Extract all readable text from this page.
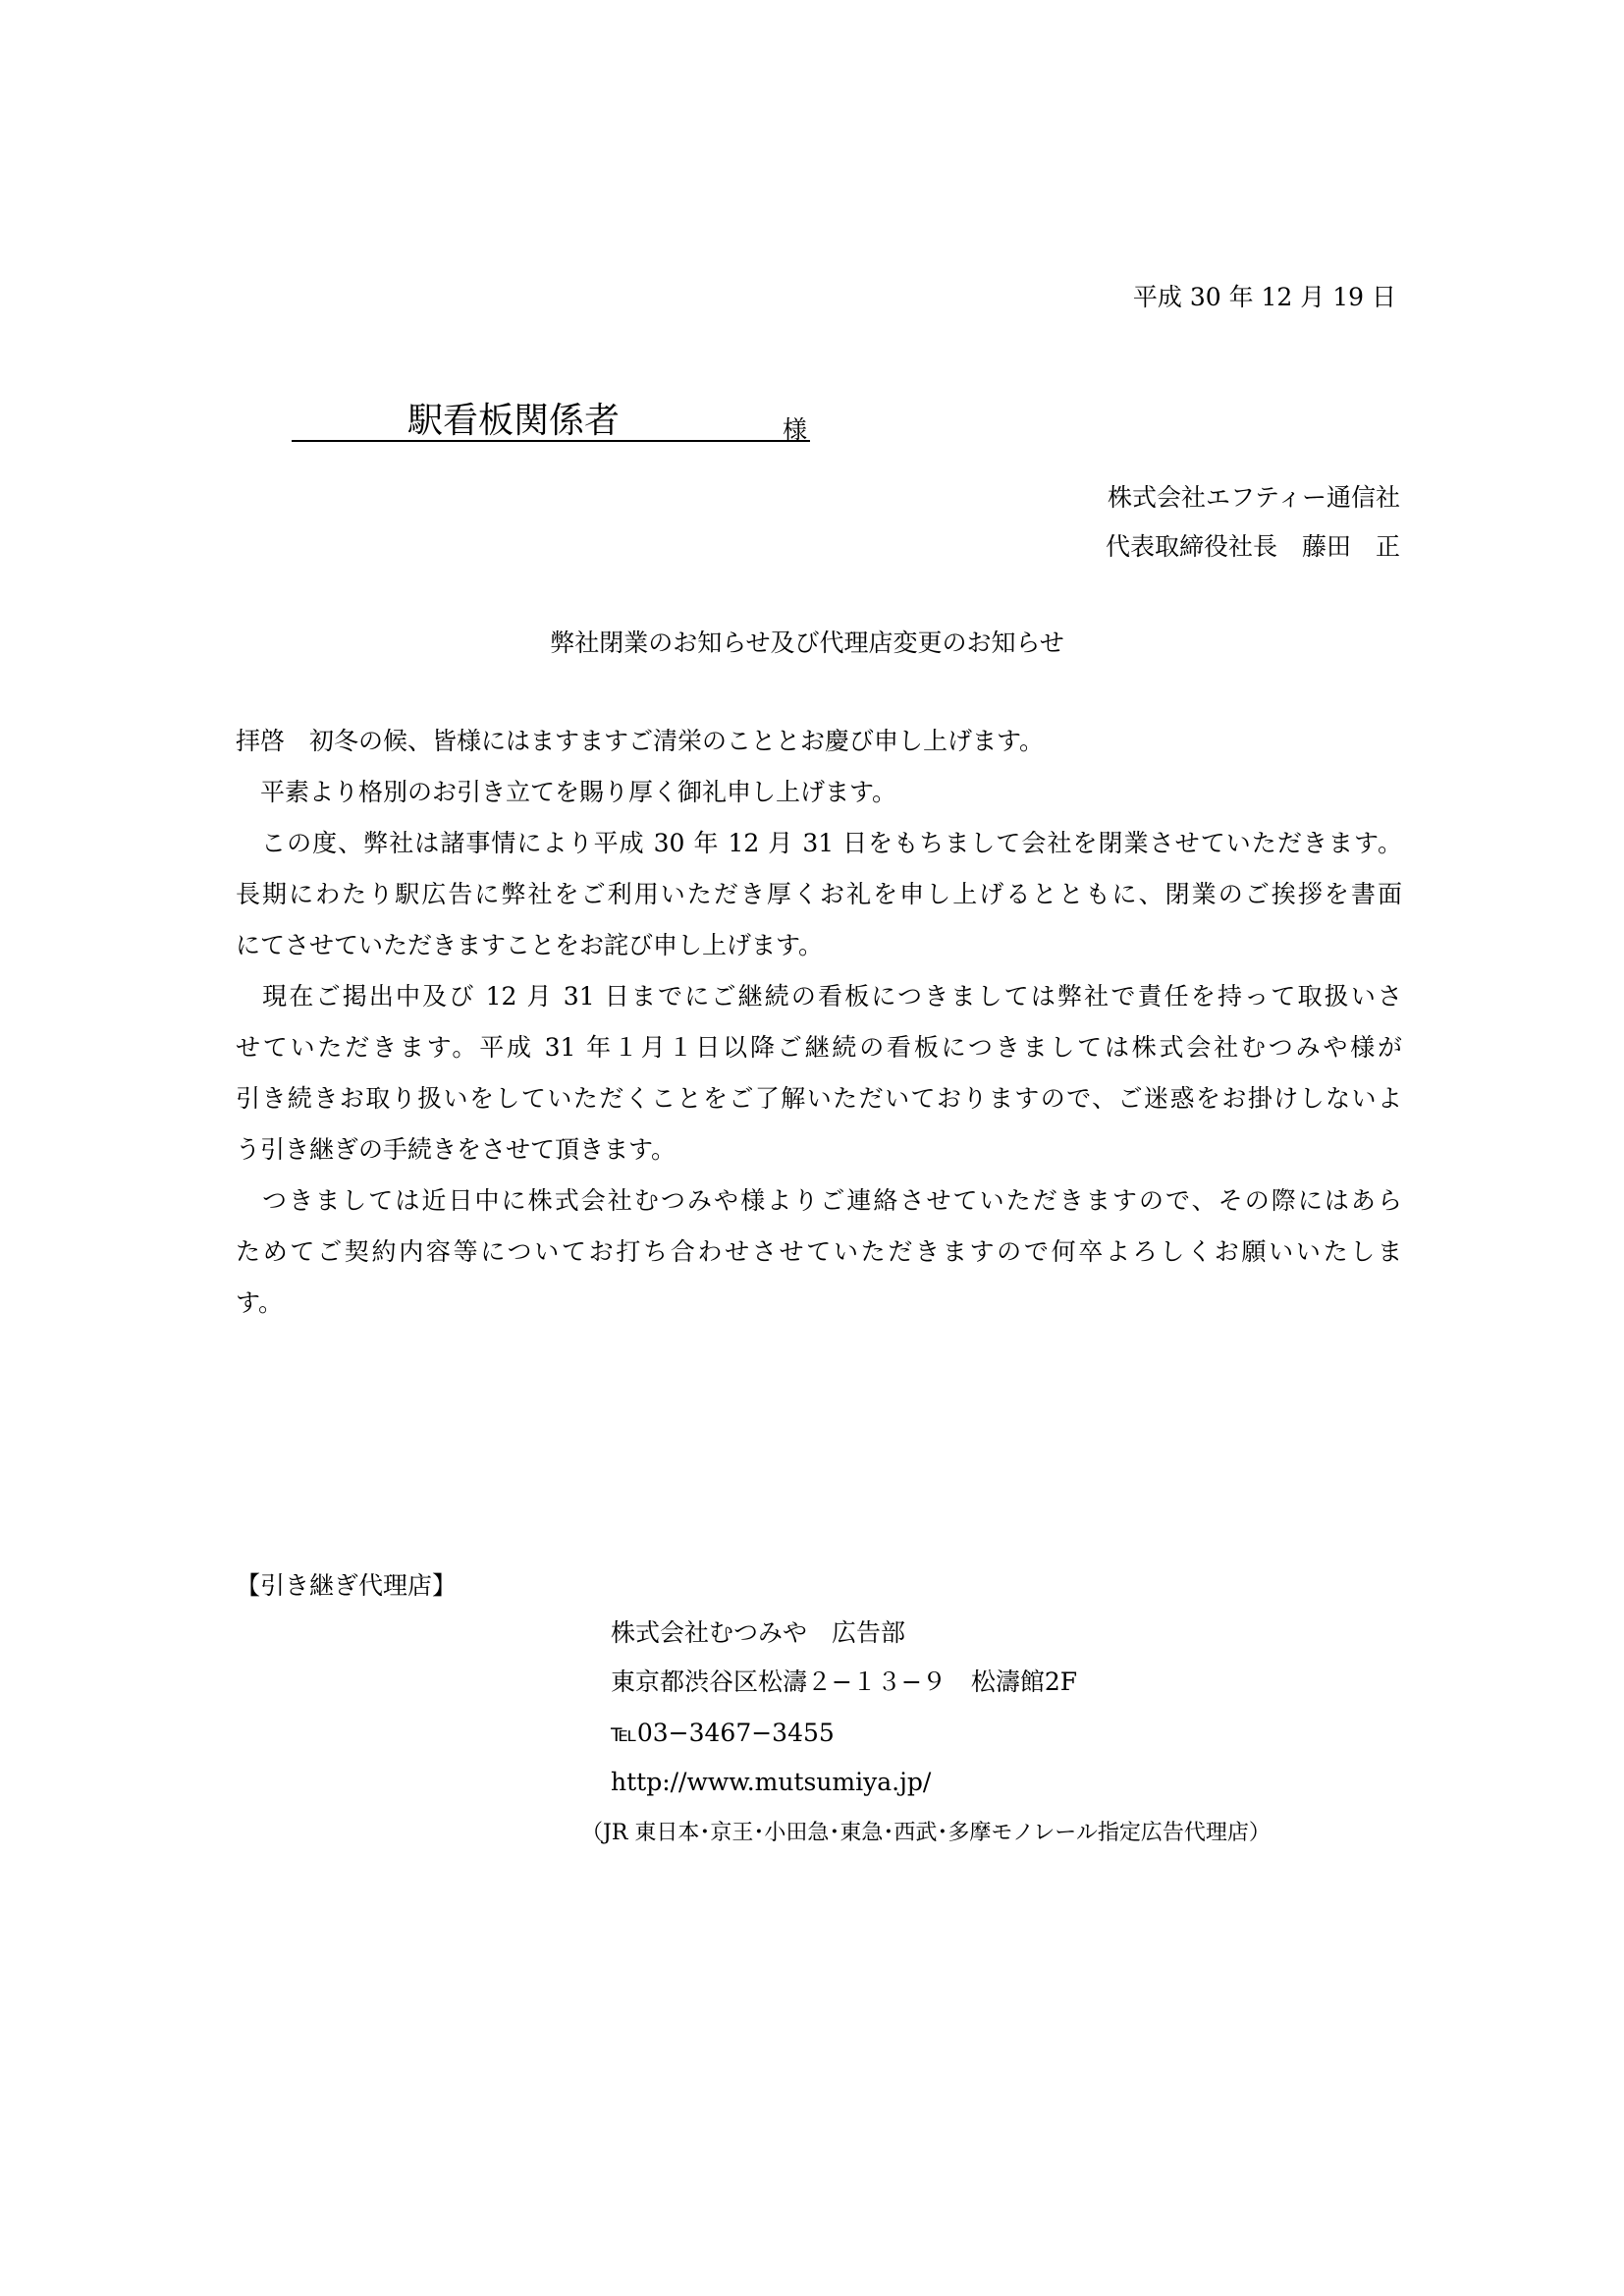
平成 30 年 12 月 19 日
駅看板関係者	様
株式会社エフティー通信社
代表取締役社長　藤田　正
弊社閉業のお知らせ及び代理店変更のお知らせ
拝啓　初冬の候、皆様にはますますご清栄のこととお慶び申し上げます。
　平素より格別のお引き立てを賜り厚く御礼申し上げます。
　この度、弊社は諸事情により平成 30 年 12 月 31 日をもちまして会社を閉業させていただきます。
長期にわたり駅広告に弊社をご利用いただき厚くお礼を申し上げるとともに、閉業のご挨拶を書面
にてさせていただきますことをお詫び申し上げます。
　現在ご掲出中及び 12 月 31 日までにご継続の看板につきましては弊社で責任を持って取扱いさ
せていただきます。平成 31 年１月１日以降ご継続の看板につきましては株式会社むつみや様が
引き続きお取り扱いをしていただくことをご了解いただいておりますので、ご迷惑をお掛けしないよ
う引き継ぎの手続きをさせて頂きます。
　つきましては近日中に株式会社むつみや様よりご連絡させていただきますので、その際にはあら
ためてご契約内容等についてお打ち合わせさせていただきますので何卒よろしくお願いいたしま
す。
【引き継ぎ代理店】
株式会社むつみや　広告部
東京都渋谷区松濤２−１３−９　松濤館2F
℡03−3467−3455
http://www.mutsumiya.jp/
（JR 東日本･京王･小田急･東急･西武･多摩モノレール指定広告代理店）
